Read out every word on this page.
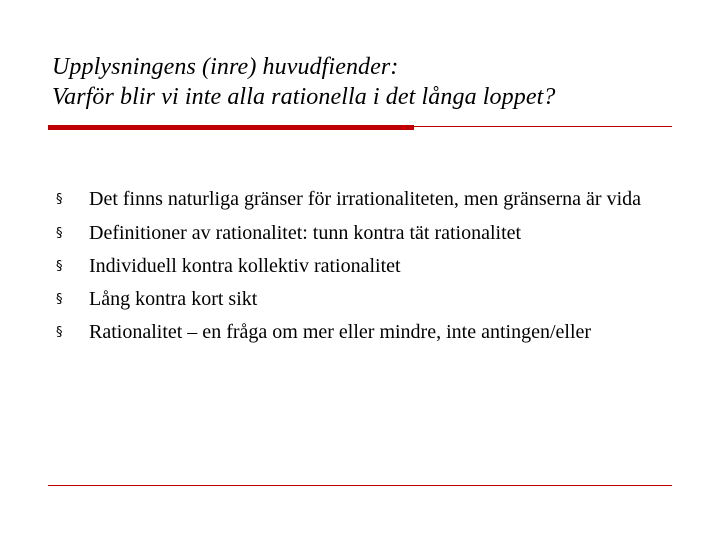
Upplysningens (inre) huvudfiender:
Varför blir vi inte alla rationella i det långa loppet?
§ Det finns naturliga gränser för irrationaliteten, men gränserna är vida
§ Definitioner av rationalitet: tunn kontra tät rationalitet
§ Individuell kontra kollektiv rationalitet
§ Lång kontra kort sikt
§ Rationalitet – en fråga om mer eller mindre, inte antingen/eller
